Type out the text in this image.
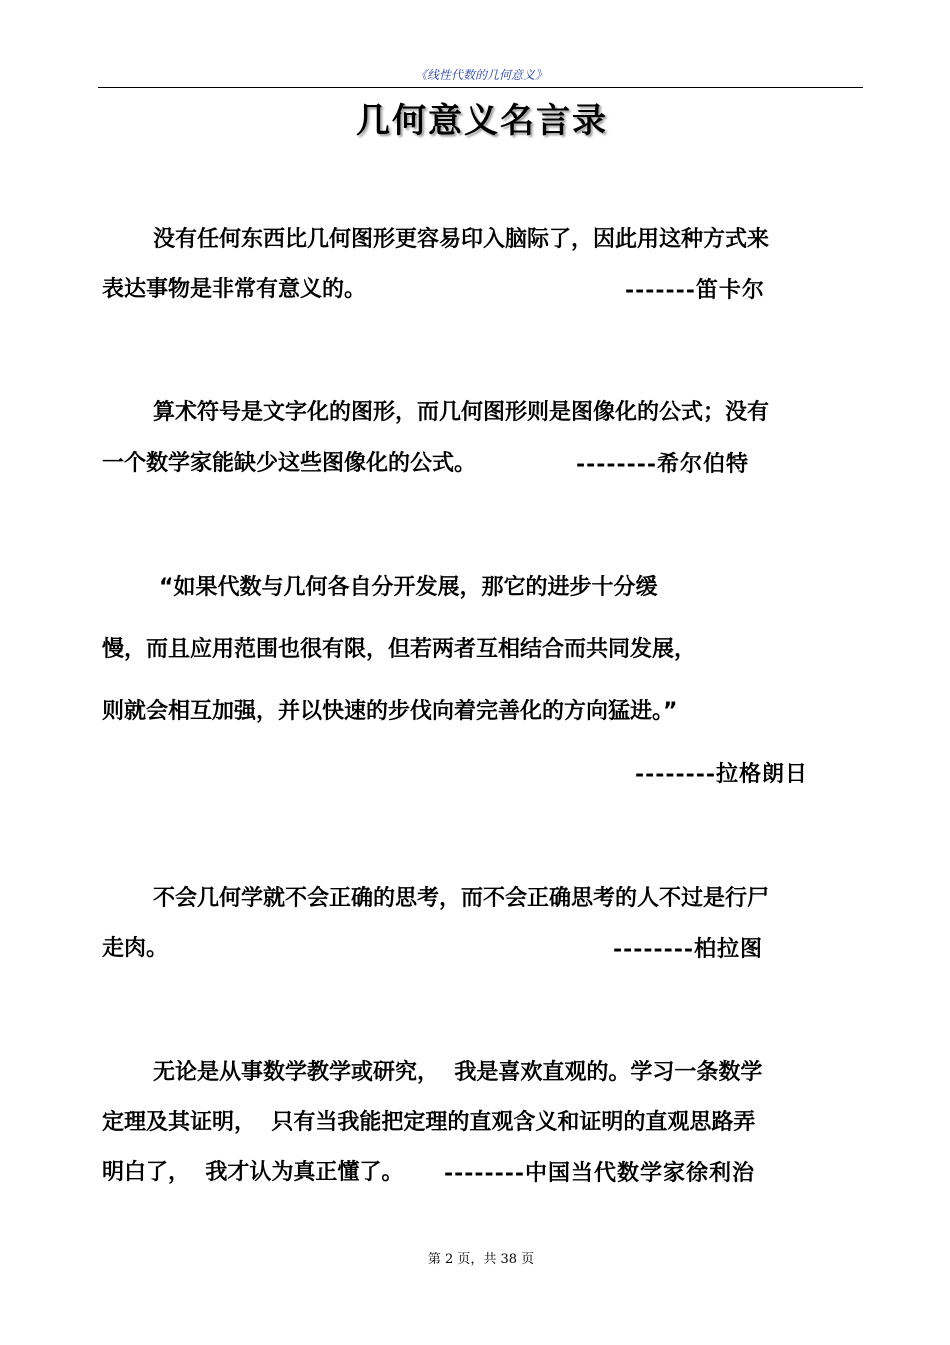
《线性代数的几何意义》
几何意义名言录
没有任何东西比几何图形更容易印入脑际了，因此用这种方式来
表达事物是非常有意义的。	-------笛卡尔
算术符号是文字化的图形，而几何图形则是图像化的公式；没有
一个数学家能缺少这些图像化的公式。	--------希尔伯特
“如果代数与几何各自分开发展，那它的进步十分缓
慢，而且应用范围也很有限，但若两者互相结合而共同发展，
则就会相互加强，并以快速的步伐向着完善化的方向猛进。”
--------拉格朗日
不会几何学就不会正确的思考，而不会正确思考的人不过是行尸
走肉。	--------柏拉图
无论是从事数学教学或研究，  我是喜欢直观的。学习一条数学
定理及其证明，  只有当我能把定理的直观含义和证明的直观思路弄
明白了，  我才认为真正懂了。 --------中国当代数学家徐利治
第 2 页，共 38 页
